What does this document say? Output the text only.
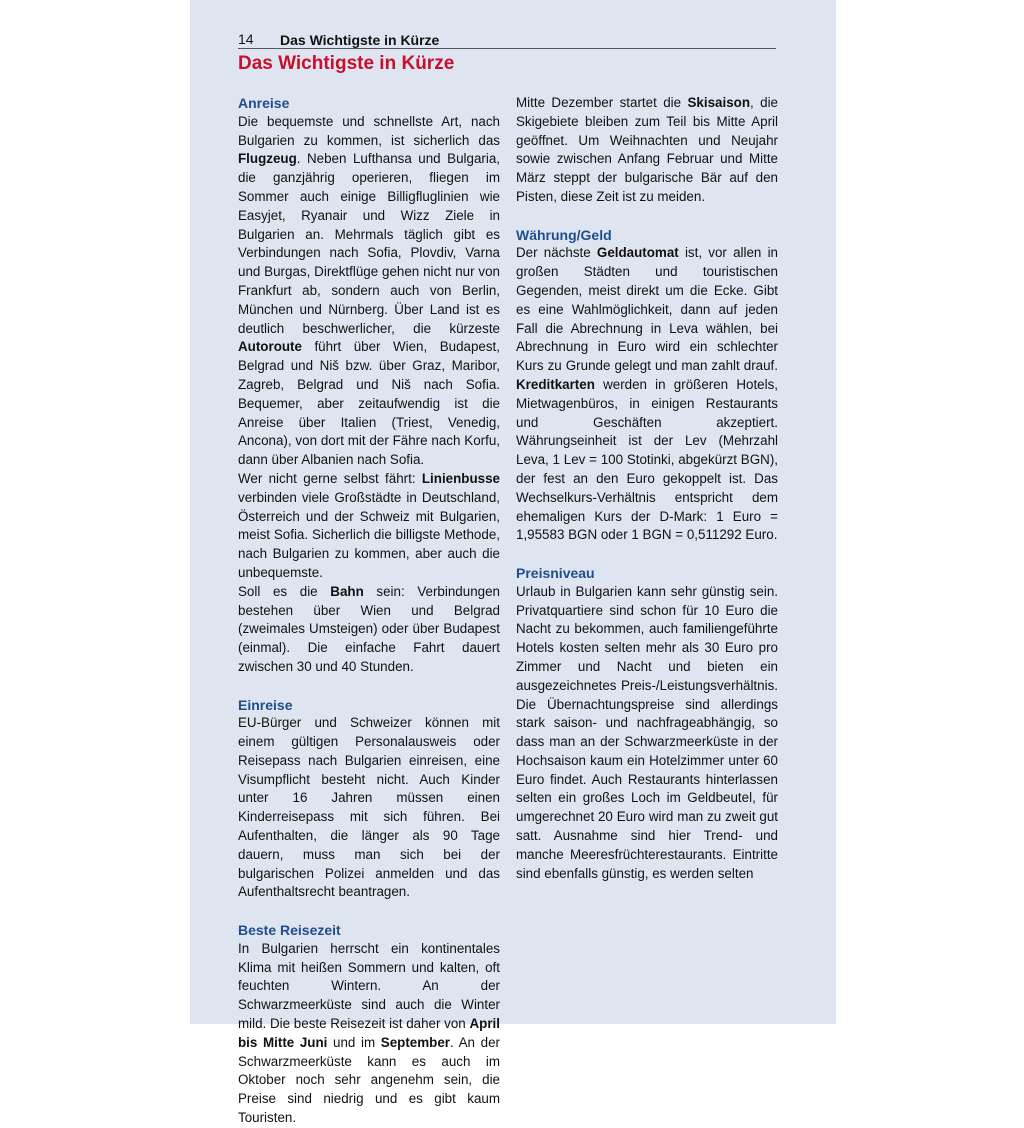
14 Das Wichtigste in Kürze
Das Wichtigste in Kürze
Anreise

Die bequemste und schnellste Art, nach Bulgarien zu kommen, ist sicherlich das Flugzeug. Neben Lufthansa und Bulgaria, die ganzjährig operieren, fliegen im Sommer auch einige Billigfluglinien wie Easyjet, Ryanair und Wizz Ziele in Bulgarien an. Mehrmals täglich gibt es Verbindungen nach Sofia, Plovdiv, Varna und Burgas, Direktflüge gehen nicht nur von Frankfurt ab, sondern auch von Berlin, München und Nürnberg. Über Land ist es deutlich beschwerlicher, die kürzeste Autoroute führt über Wien, Budapest, Belgrad und Niš bzw. über Graz, Maribor, Zagreb, Belgrad und Niš nach Sofia. Bequemer, aber zeitaufwendig ist die Anreise über Italien (Triest, Venedig, Ancona), von dort mit der Fähre nach Korfu, dann über Albanien nach Sofia.

Wer nicht gerne selbst fährt: Linienbusse verbinden viele Großstädte in Deutschland, Österreich und der Schweiz mit Bulgarien, meist Sofia. Sicherlich die billigste Methode, nach Bulgarien zu kommen, aber auch die unbequemste.

Soll es die Bahn sein: Verbindungen bestehen über Wien und Belgrad (zweimales Umsteigen) oder über Budapest (einmal). Die einfache Fahrt dauert zwischen 30 und 40 Stunden.

Einreise

EU-Bürger und Schweizer können mit einem gültigen Personalausweis oder Reisepass nach Bulgarien einreisen, eine Visumpflicht besteht nicht. Auch Kinder unter 16 Jahren müssen einen Kinderreisepass mit sich führen. Bei Aufenthalten, die länger als 90 Tage dauern, muss man sich bei der bulgarischen Polizei anmelden und das Aufenthaltsrecht beantragen.

Beste Reisezeit

In Bulgarien herrscht ein kontinentales Klima mit heißen Sommern und kalten, oft feuchten Wintern. An der Schwarzmeerküste sind auch die Winter mild. Die beste Reisezeit ist daher von April bis Mitte Juni und im September. An der Schwarzmeerküste kann es auch im Oktober noch sehr angenehm sein, die Preise sind niedrig und es gibt kaum Touristen.

Mitte Dezember startet die Skisaison, die Skigebiete bleiben zum Teil bis Mitte April geöffnet. Um Weihnachten und Neujahr sowie zwischen Anfang Februar und Mitte März steppt der bulgarische Bär auf den Pisten, diese Zeit ist zu meiden.

Währung/Geld

Der nächste Geldautomat ist, vor allen in großen Städten und touristischen Gegenden, meist direkt um die Ecke. Gibt es eine Wahlmöglichkeit, dann auf jeden Fall die Abrechnung in Leva wählen, bei Abrechnung in Euro wird ein schlechter Kurs zu Grunde gelegt und man zahlt drauf. Kreditkarten werden in größeren Hotels, Mietwagenbüros, in einigen Restaurants und Geschäften akzeptiert. Währungseinheit ist der Lev (Mehrzahl Leva, 1 Lev = 100 Stotinki, abgekürzt BGN), der fest an den Euro gekoppelt ist. Das Wechselkurs-Verhältnis entspricht dem ehemaligen Kurs der D-Mark: 1 Euro = 1,95583 BGN oder 1 BGN = 0,511292 Euro.

Preisniveau

Urlaub in Bulgarien kann sehr günstig sein. Privatquartiere sind schon für 10 Euro die Nacht zu bekommen, auch familiengeführte Hotels kosten selten mehr als 30 Euro pro Zimmer und Nacht und bieten ein ausgezeichnetes Preis-/Leistungsverhältnis. Die Übernachtungspreise sind allerdings stark saison- und nachfrageabhängig, so dass man an der Schwarzmeerküste in der Hochsaison kaum ein Hotelzimmer unter 60 Euro findet. Auch Restaurants hinterlassen selten ein großes Loch im Geldbeutel, für umgerechnet 20 Euro wird man zu zweit gut satt. Ausnahme sind hier Trend- und manche Meeresfrüchterestaurants. Eintritte sind ebenfalls günstig, es werden selten
